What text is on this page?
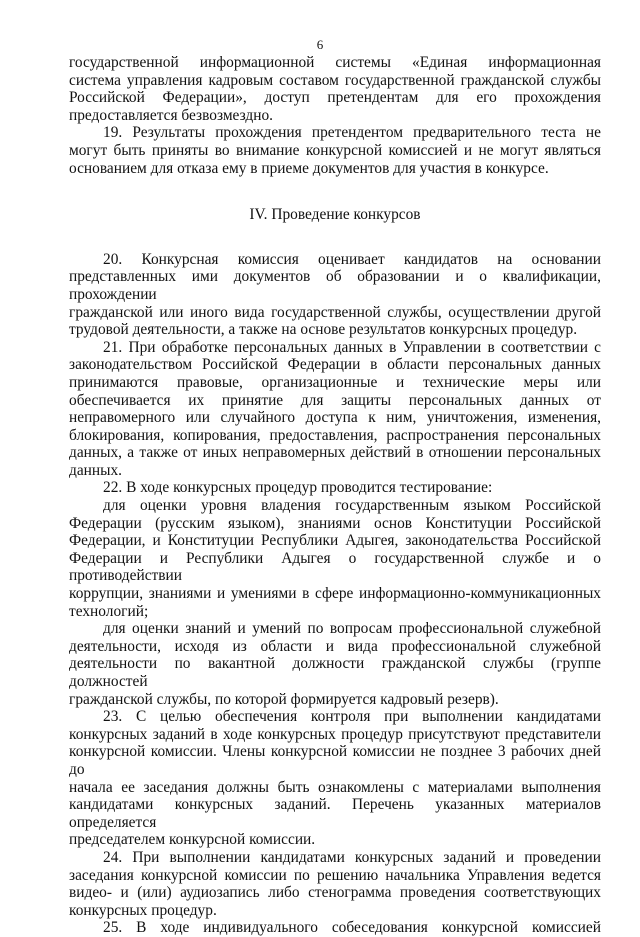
6

государственной информационной системы «Единая информационная

система управления кадровым составом государственной гражданской службы

Российской Федерации», доступ претендентам для его прохождения

предоставляется безвозмездно.

19. Результаты прохождения претендентом предварительного теста не

могут быть приняты во внимание конкурсной комиссией и не могут являться

основанием для отказа ему в приеме документов для участия в конкурсе.

IV. Проведение конкурсов

20. Конкурсная комиссия оценивает кандидатов на основании

представленных ими документов об образовании и о квалификации, прохождении

гражданской или иного вида государственной службы, осуществлении другой

трудовой деятельности, а также на основе результатов конкурсных процедур.

21. При обработке персональных данных в Управлении в соответствии с

законодательством Российской Федерации в области персональных данных

принимаются правовые, организационные и технические меры или

обеспечивается их принятие для защиты персональных данных от

неправомерного или случайного доступа к ним, уничтожения, изменения,

блокирования, копирования, предоставления, распространения персональных

данных, а также от иных неправомерных действий в отношении персональных

данных.

22. В ходе конкурсных процедур проводится тестирование:

для оценки уровня владения государственным языком Российской

Федерации (русским языком), знаниями основ Конституции Российской

Федерации, и Конституции Республики Адыгея, законодательства Российской

Федерации и Республики Адыгея о государственной службе и о противодействии

коррупции, знаниями и умениями в сфере информационно-коммуникационных

технологий;

для оценки знаний и умений по вопросам профессиональной служебной

деятельности, исходя из области и вида профессиональной служебной

деятельности по вакантной должности гражданской службы (группе должностей

гражданской службы, по которой формируется кадровый резерв).

23. С целью обеспечения контроля при выполнении кандидатами

конкурсных заданий в ходе конкурсных процедур присутствуют представители

конкурсной комиссии. Члены конкурсной комиссии не позднее 3 рабочих дней до

начала ее заседания должны быть ознакомлены с материалами выполнения

кандидатами конкурсных заданий. Перечень указанных материалов определяется

председателем конкурсной комиссии.

24. При выполнении кандидатами конкурсных заданий и проведении

заседания конкурсной комиссии по решению начальника Управления ведется

видео- и (или) аудиозапись либо стенограмма проведения соответствующих

конкурсных процедур.

25. В ходе индивидуального собеседования конкурсной комиссией
